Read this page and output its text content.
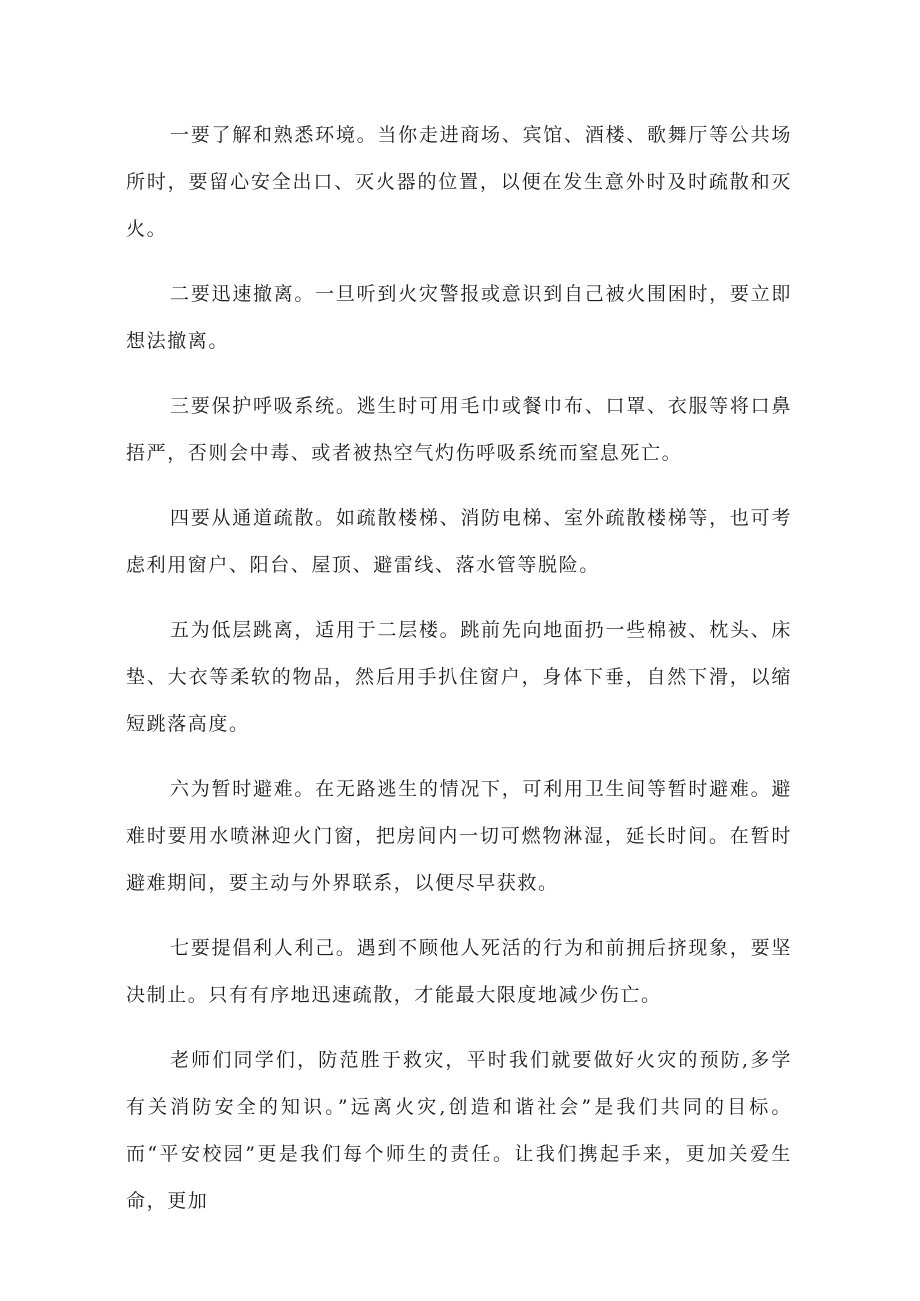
一要了解和熟悉环境。当你走进商场、宾馆、酒楼、歌舞厅等公共场所时，要留心安全出口、灭火器的位置，以便在发生意外时及时疏散和灭火。

二要迅速撤离。一旦听到火灾警报或意识到自己被火围困时，要立即想法撤离。

三要保护呼吸系统。逃生时可用毛巾或餐巾布、口罩、衣服等将口鼻捂严，否则会中毒、或者被热空气灼伤呼吸系统而窒息死亡。

四要从通道疏散。如疏散楼梯、消防电梯、室外疏散楼梯等，也可考虑利用窗户、阳台、屋顶、避雷线、落水管等脱险。

五为低层跳离，适用于二层楼。跳前先向地面扔一些棉被、枕头、床垫、大衣等柔软的物品，然后用手扒住窗户，身体下垂，自然下滑，以缩短跳落高度。

六为暂时避难。在无路逃生的情况下，可利用卫生间等暂时避难。避难时要用水喷淋迎火门窗，把房间内一切可燃物淋湿，延长时间。在暂时避难期间，要主动与外界联系，以便尽早获救。

七要提倡利人利己。遇到不顾他人死活的行为和前拥后挤现象，要坚决制止。只有有序地迅速疏散，才能最大限度地减少伤亡。

老师们同学们，防范胜于救灾，平时我们就要做好火灾的预防,多学有关消防安全的知识。”远离火灾,创造和谐社会”是我们共同的目标。而“平安校园”更是我们每个师生的责任。让我们携起手来，更加关爱生命，更加
